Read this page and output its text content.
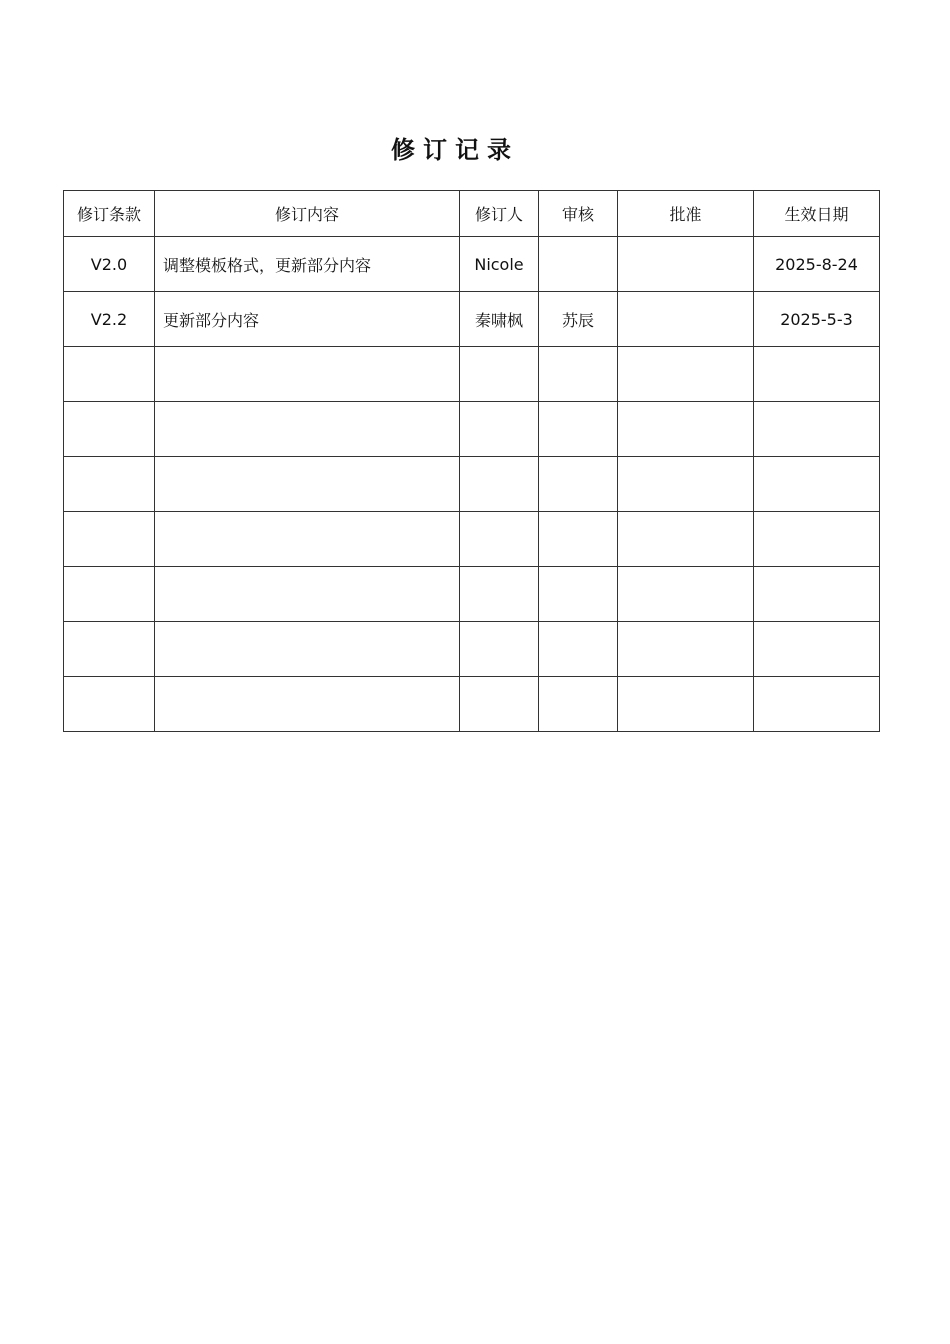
修订记录
修订条款	修订内容	修订人	审核	批准	生效日期
V2.0	调整模板格式，更新部分内容	Nicole			2025-8-24
V2.2	更新部分内容	秦啸枫	苏辰		2025-5-3
